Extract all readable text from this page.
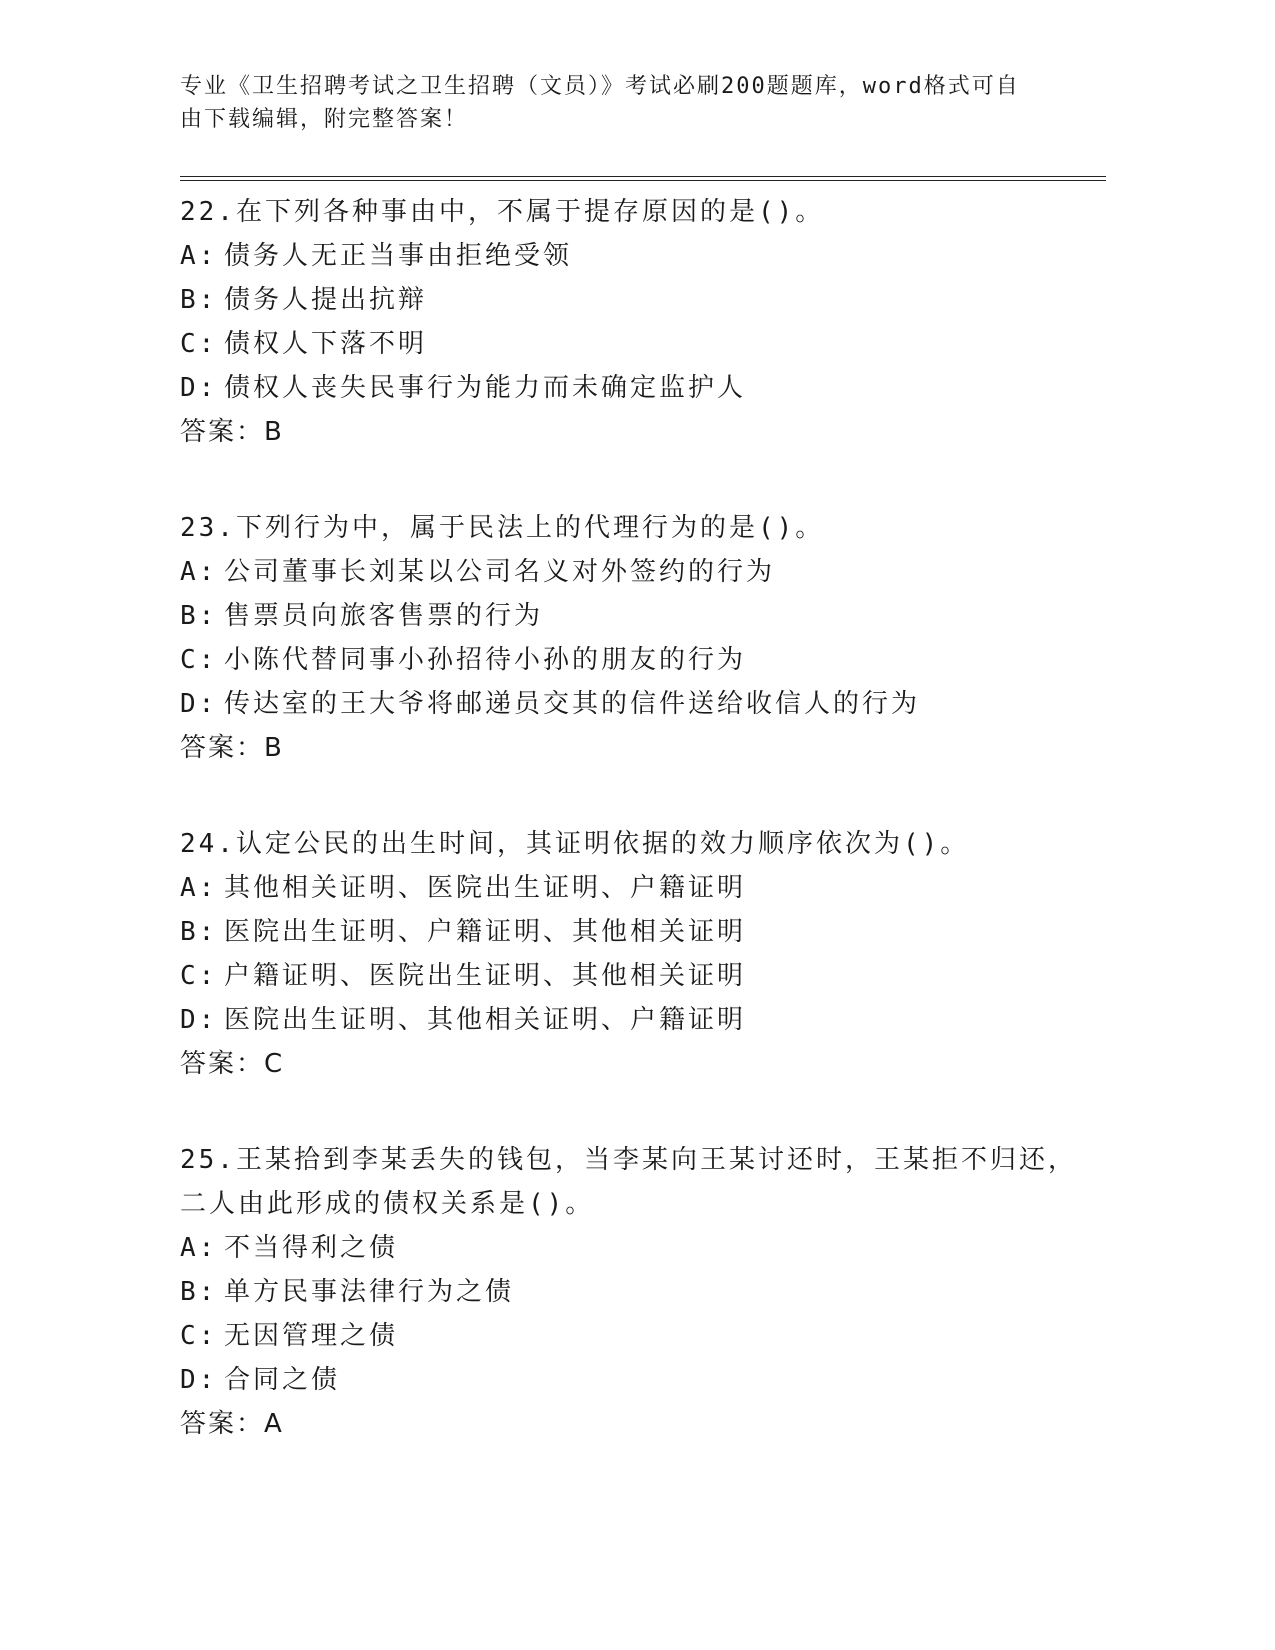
专业《卫生招聘考试之卫生招聘（文员）》考试必刷200题题库，word格式可自
由下载编辑，附完整答案！
22.在下列各种事由中，不属于提存原因的是()。
A: 债务人无正当事由拒绝受领
B: 债务人提出抗辩
C: 债权人下落不明
D: 债权人丧失民事行为能力而未确定监护人
答案：B
23.下列行为中，属于民法上的代理行为的是()。
A: 公司董事长刘某以公司名义对外签约的行为
B: 售票员向旅客售票的行为
C: 小陈代替同事小孙招待小孙的朋友的行为
D: 传达室的王大爷将邮递员交其的信件送给收信人的行为
答案：B
24.认定公民的出生时间，其证明依据的效力顺序依次为()。
A: 其他相关证明、医院出生证明、户籍证明
B: 医院出生证明、户籍证明、其他相关证明
C: 户籍证明、医院出生证明、其他相关证明
D: 医院出生证明、其他相关证明、户籍证明
答案：C
25.王某拾到李某丢失的钱包，当李某向王某讨还时，王某拒不归还，
二人由此形成的债权关系是()。
A: 不当得利之债
B: 单方民事法律行为之债
C: 无因管理之债
D: 合同之债
答案：A
